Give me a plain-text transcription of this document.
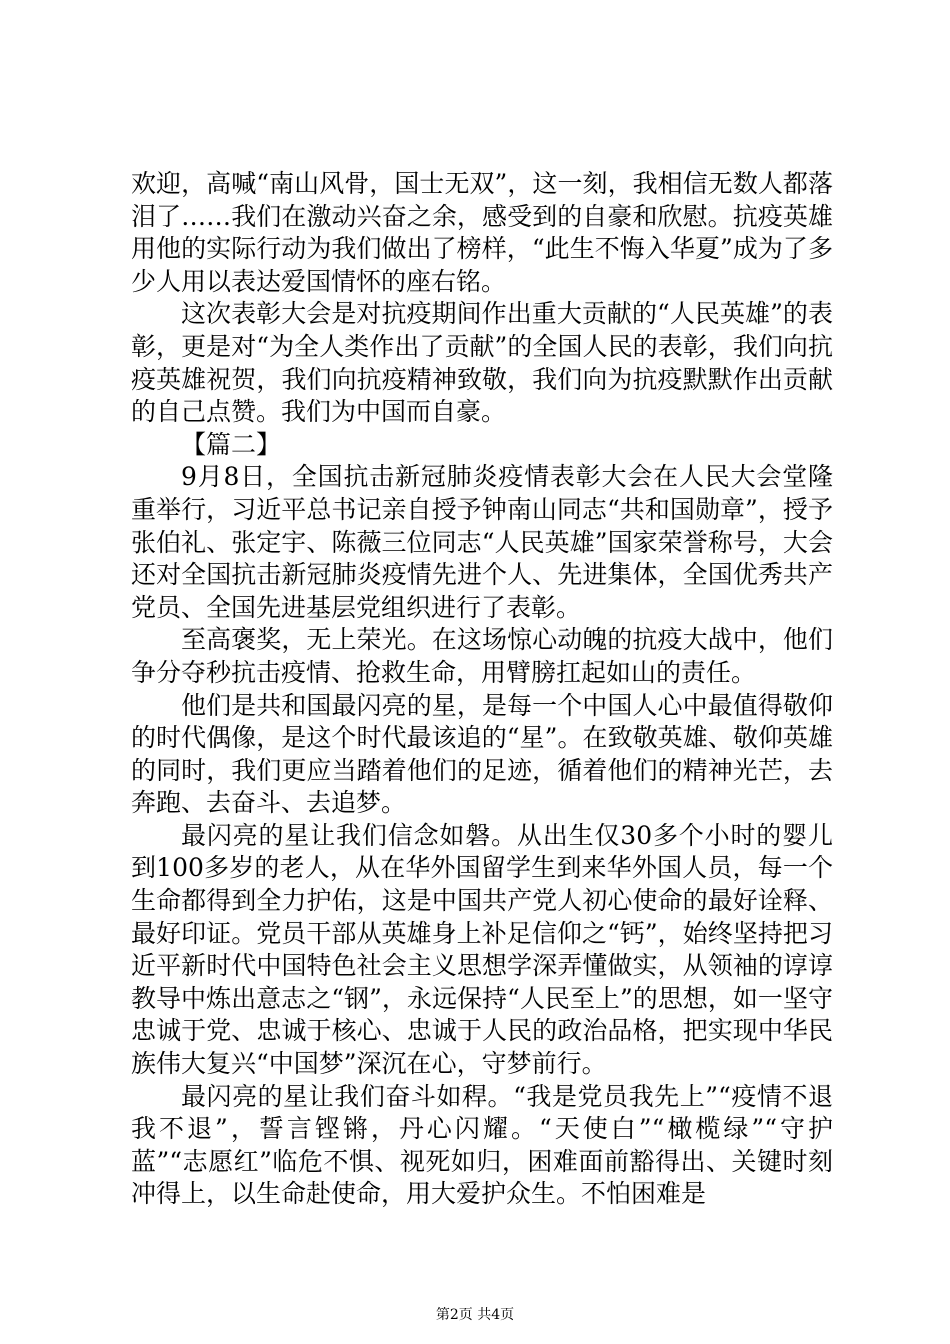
欢迎，高喊“南山风骨，国士无双”，这一刻，我相信无数人都落泪了……我们在激动兴奋之余，感受到的自豪和欣慰。抗疫英雄用他的实际行动为我们做出了榜样，“此生不悔入华夏”成为了多少人用以表达爱国情怀的座右铭。

这次表彰大会是对抗疫期间作出重大贡献的“人民英雄”的表彰，更是对“为全人类作出了贡献”的全国人民的表彰，我们向抗疫英雄祝贺，我们向抗疫精神致敬，我们向为抗疫默默作出贡献的自己点赞。我们为中国而自豪。

【篇二】

9月8日，全国抗击新冠肺炎疫情表彰大会在人民大会堂隆重举行，习近平总书记亲自授予钟南山同志“共和国勋章”，授予张伯礼、张定宇、陈薇三位同志“人民英雄”国家荣誉称号，大会还对全国抗击新冠肺炎疫情先进个人、先进集体，全国优秀共产党员、全国先进基层党组织进行了表彰。

至高褒奖，无上荣光。在这场惊心动魄的抗疫大战中，他们争分夺秒抗击疫情、抢救生命，用臂膀扛起如山的责任。

他们是共和国最闪亮的星，是每一个中国人心中最值得敬仰的时代偶像，是这个时代最该追的“星”。在致敬英雄、敬仰英雄的同时，我们更应当踏着他们的足迹，循着他们的精神光芒，去奔跑、去奋斗、去追梦。

最闪亮的星让我们信念如磐。从出生仅30多个小时的婴儿到100多岁的老人，从在华外国留学生到来华外国人员，每一个生命都得到全力护佑，这是中国共产党人初心使命的最好诠释、最好印证。党员干部从英雄身上补足信仰之“钙”，始终坚持把习近平新时代中国特色社会主义思想学深弄懂做实，从领袖的谆谆教导中炼出意志之“钢”，永远保持“人民至上”的思想，如一坚守忠诚于党、忠诚于核心、忠诚于人民的政治品格，把实现中华民族伟大复兴“中国梦”深沉在心，守梦前行。

最闪亮的星让我们奋斗如稈。“我是党员我先上”“疫情不退我不退”，誓言铿锵，丹心闪耀。“天使白”“橄榄绿”“守护蓝”“志愿红”临危不惧、视死如归，困难面前豁得出、关键时刻冲得上，以生命赴使命，用大爱护众生。不怕困难是

第2页 共4页
